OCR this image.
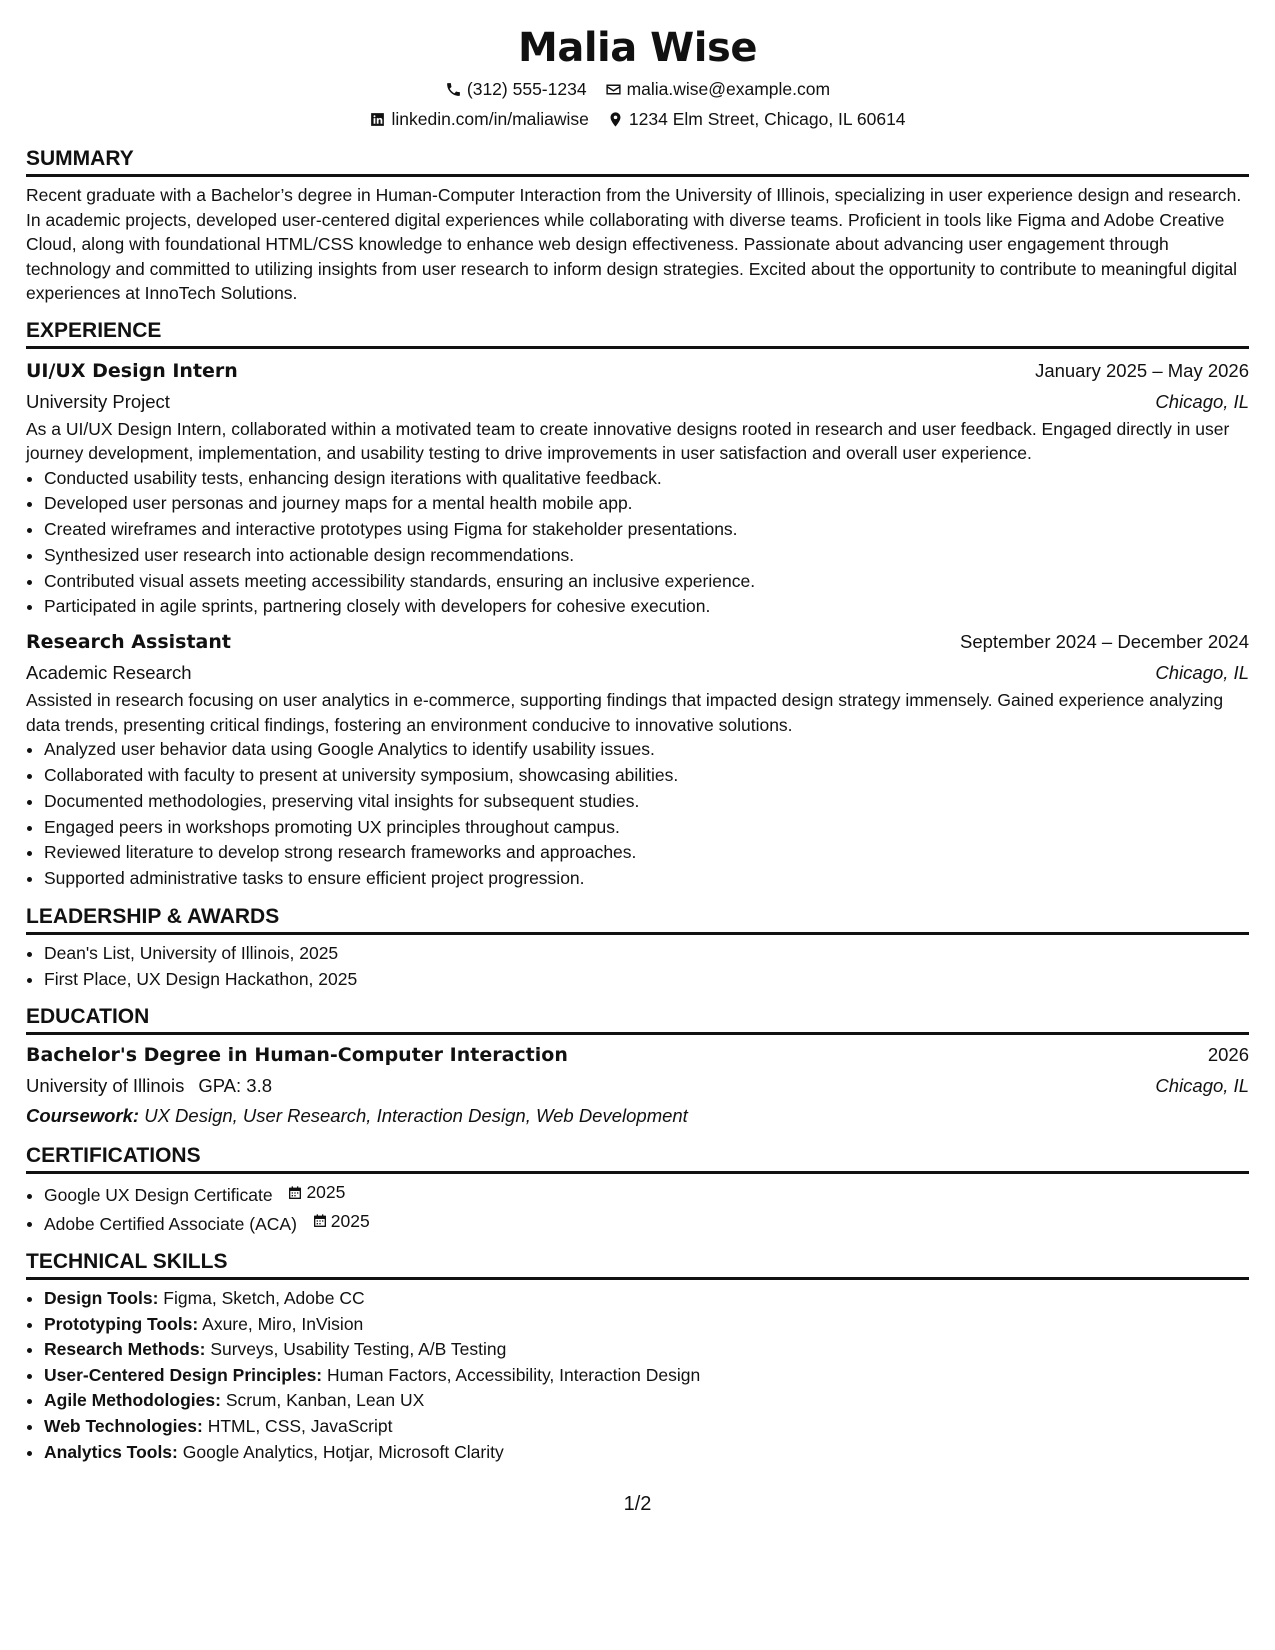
Malia Wise
(312) 555-1234 malia.wise@example.com
linkedin.com/in/maliawise 1234 Elm Street, Chicago, IL 60614
SUMMARY

Recent graduate with a Bachelor’s degree in Human-Computer Interaction from the University of Illinois, specializing in user experience design and research. In academic projects, developed user-centered digital experiences while collaborating with diverse teams. Proficient in tools like Figma and Adobe Creative Cloud, along with foundational HTML/CSS knowledge to enhance web design effectiveness. Passionate about advancing user engagement through technology and committed to utilizing insights from user research to inform design strategies. Excited about the opportunity to contribute to meaningful digital experiences at InnoTech Solutions.

EXPERIENCE
UI/UX Design Intern	January 2025 – May 2026
University Project	Chicago, IL

As a UI/UX Design Intern, collaborated within a motivated team to create innovative designs rooted in research and user feedback. Engaged directly in user journey development, implementation, and usability testing to drive improvements in user satisfaction and overall user experience.

• Conducted usability tests, enhancing design iterations with qualitative feedback.
• Developed user personas and journey maps for a mental health mobile app.
• Created wireframes and interactive prototypes using Figma for stakeholder presentations.
• Synthesized user research into actionable design recommendations.
• Contributed visual assets meeting accessibility standards, ensuring an inclusive experience.
• Participated in agile sprints, partnering closely with developers for cohesive execution.
Research Assistant	September 2024 – December 2024
Academic Research	Chicago, IL

Assisted in research focusing on user analytics in e-commerce, supporting findings that impacted design strategy immensely. Gained experience analyzing data trends, presenting critical findings, fostering an environment conducive to innovative solutions.

• Analyzed user behavior data using Google Analytics to identify usability issues.
• Collaborated with faculty to present at university symposium, showcasing abilities.
• Documented methodologies, preserving vital insights for subsequent studies.
• Engaged peers in workshops promoting UX principles throughout campus.
• Reviewed literature to develop strong research frameworks and approaches.
• Supported administrative tasks to ensure efficient project progression.
LEADERSHIP & AWARDS
• Dean's List, University of Illinois, 2025
• First Place, UX Design Hackathon, 2025
EDUCATION
Bachelor's Degree in Human-Computer Interaction	2026
University of Illinois GPA: 3.8	Chicago, IL
Coursework: UX Design, User Research, Interaction Design, Web Development
CERTIFICATIONS
• Google UX Design Certificate 2025
• Adobe Certified Associate (ACA) 2025
TECHNICAL SKILLS
• Design Tools: Figma, Sketch, Adobe CC
• Prototyping Tools: Axure, Miro, InVision
• Research Methods: Surveys, Usability Testing, A/B Testing
• User-Centered Design Principles: Human Factors, Accessibility, Interaction Design
• Agile Methodologies: Scrum, Kanban, Lean UX
• Web Technologies: HTML, CSS, JavaScript
• Analytics Tools: Google Analytics, Hotjar, Microsoft Clarity
1/2
